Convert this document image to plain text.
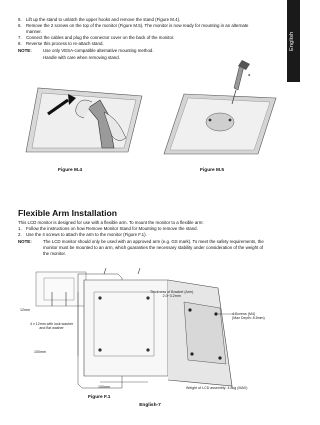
English
5. Lift up the stand to unlatch the upper hooks and remove the stand (Figure M.4).
6. Remove the 2 screws on the top of the monitor (Figure M.5). The monitor is now ready for mounting in an alternate
manner.
7. Connect the cables and plug the connector cover on the back of the monitor.
8. Reverse this process to re-attach stand.
NOTE:	Use only VESA-compatible alternative mounting method.
Handle with care when removing stand.
Figure M.4
a
Figure M.5
Flexible Arm Installation
This LCD monitor is designed for use with a flexible arm. To mount the monitor to a flexible arm:
1. Follow the instructions on how Remove Monitor Stand for Mounting to remove the stand.
2. Use the 4 screws to attach the arm to the monitor (Figure F.1).
NOTE:	The LCD monitor should only be used with an approved arm (e.g. GS mark). To meet the safety requirements, the
monitor must be mounted to an arm, which guaranties the necessary stability under consideration of the weight of
the monitor.
12mm
4 x 12mm with lock washer
and flat washer
Thickness of Bracket (Arm)
2.0~3.2mm
100mm
100mm
4 Screws (M4)
(Max Depth: 8.5mm)
Weight of LCD assembly: 4.8kg (MAX)
Figure F.1
English-7
